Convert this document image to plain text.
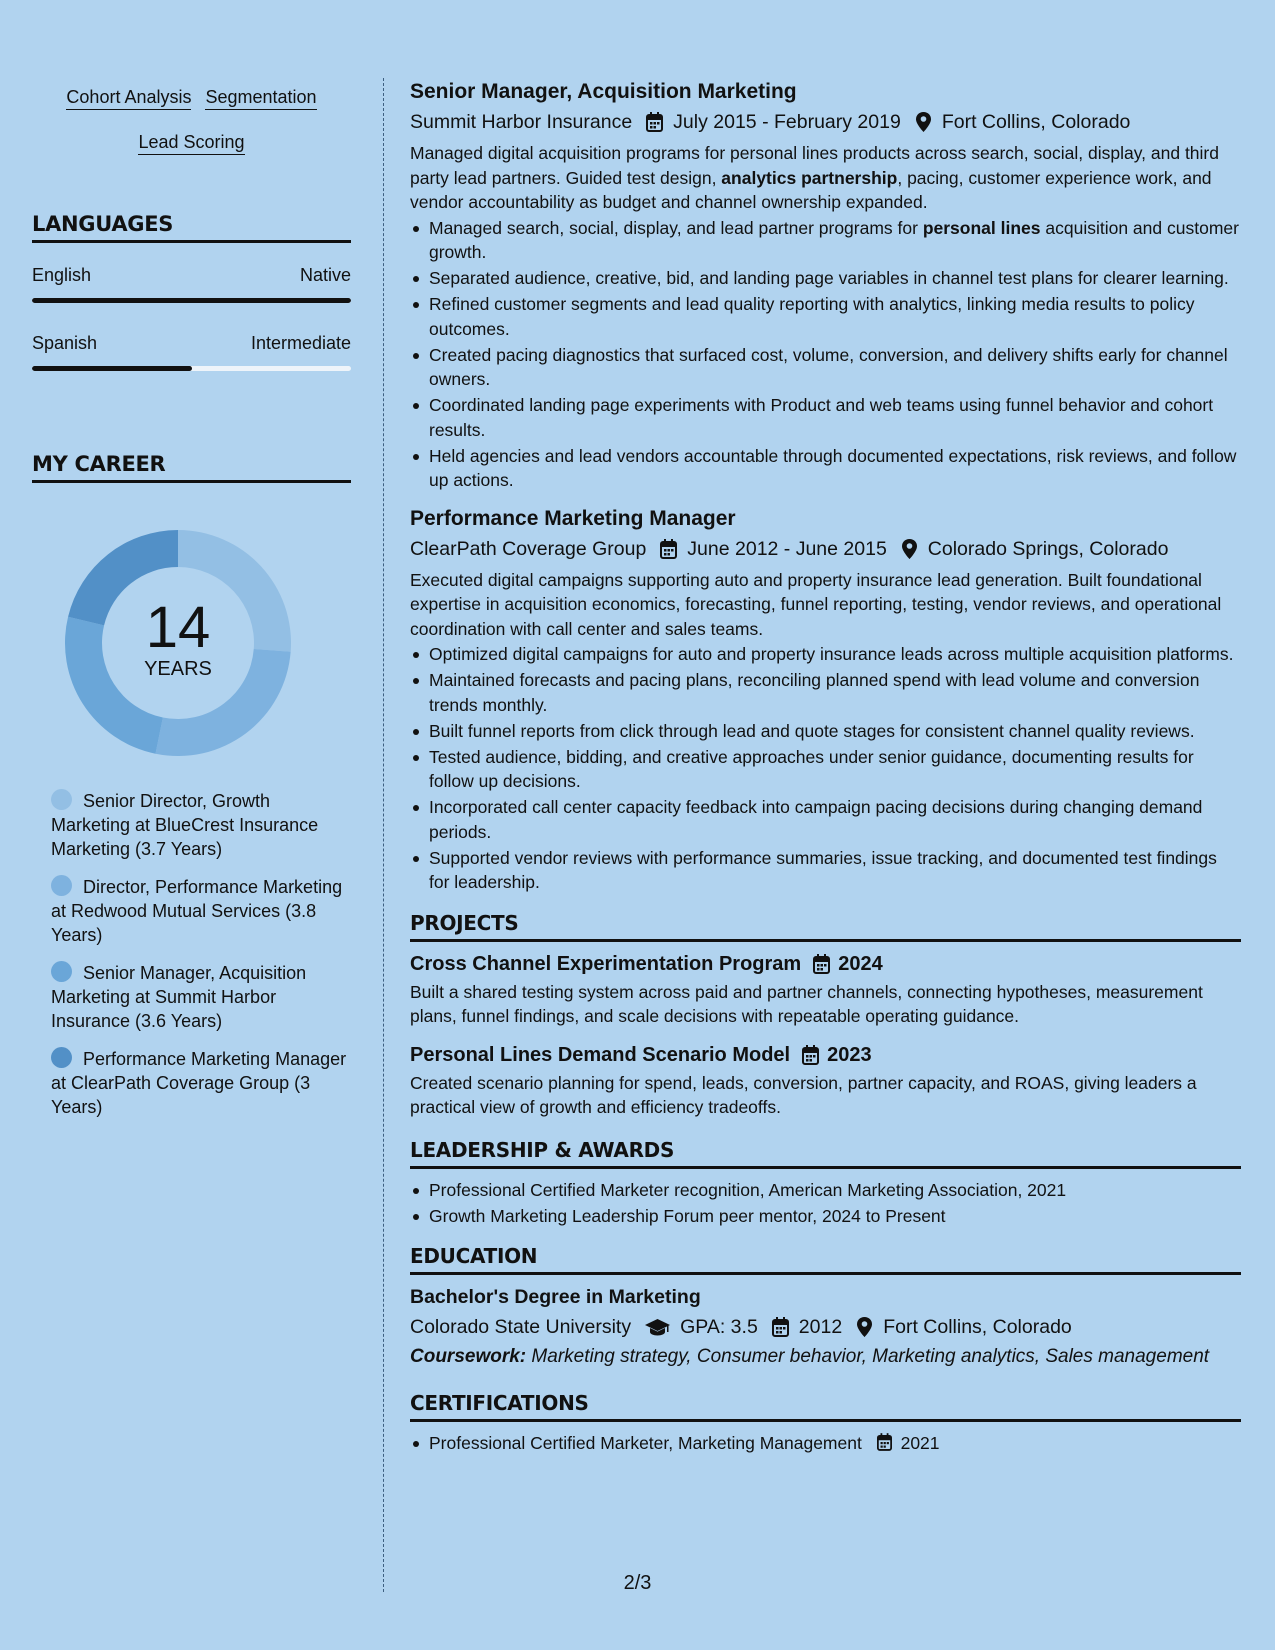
Cohort Analysis Segmentation
Lead Scoring
LANGUAGES
English	Native
Spanish	Intermediate
MY CAREER
14
YEARS
Senior Director, Growth Marketing at BlueCrest Insurance Marketing (3.7 Years)
Director, Performance Marketing at Redwood Mutual Services (3.8 Years)
Senior Manager, Acquisition Marketing at Summit Harbor Insurance (3.6 Years)
Performance Marketing Manager at ClearPath Coverage Group (3 Years)
Senior Manager, Acquisition Marketing
Summit Harbor Insurance July 2015 - February 2019 Fort Collins, Colorado
Managed digital acquisition programs for personal lines products across search, social, display, and third party lead partners. Guided test design, analytics partnership, pacing, customer experience work, and vendor accountability as budget and channel ownership expanded.
Managed search, social, display, and lead partner programs for personal lines acquisition and customer growth.
Separated audience, creative, bid, and landing page variables in channel test plans for clearer learning.
Refined customer segments and lead quality reporting with analytics, linking media results to policy outcomes.
Created pacing diagnostics that surfaced cost, volume, conversion, and delivery shifts early for channel owners.
Coordinated landing page experiments with Product and web teams using funnel behavior and cohort results.
Held agencies and lead vendors accountable through documented expectations, risk reviews, and follow up actions.
Performance Marketing Manager
ClearPath Coverage Group June 2012 - June 2015 Colorado Springs, Colorado
Executed digital campaigns supporting auto and property insurance lead generation. Built foundational expertise in acquisition economics, forecasting, funnel reporting, testing, vendor reviews, and operational coordination with call center and sales teams.
Optimized digital campaigns for auto and property insurance leads across multiple acquisition platforms.
Maintained forecasts and pacing plans, reconciling planned spend with lead volume and conversion trends monthly.
Built funnel reports from click through lead and quote stages for consistent channel quality reviews.
Tested audience, bidding, and creative approaches under senior guidance, documenting results for follow up decisions.
Incorporated call center capacity feedback into campaign pacing decisions during changing demand periods.
Supported vendor reviews with performance summaries, issue tracking, and documented test findings for leadership.
PROJECTS
Cross Channel Experimentation Program 2024
Built a shared testing system across paid and partner channels, connecting hypotheses, measurement plans, funnel findings, and scale decisions with repeatable operating guidance.
Personal Lines Demand Scenario Model 2023
Created scenario planning for spend, leads, conversion, partner capacity, and ROAS, giving leaders a practical view of growth and efficiency tradeoffs.
LEADERSHIP & AWARDS
Professional Certified Marketer recognition, American Marketing Association, 2021
Growth Marketing Leadership Forum peer mentor, 2024 to Present
EDUCATION
Bachelor's Degree in Marketing
Colorado State University	GPA: 3.5 2012 Fort Collins, Colorado
Coursework: Marketing strategy, Consumer behavior, Marketing analytics, Sales management
CERTIFICATIONS
Professional Certified Marketer, Marketing Management 2021
2/3
